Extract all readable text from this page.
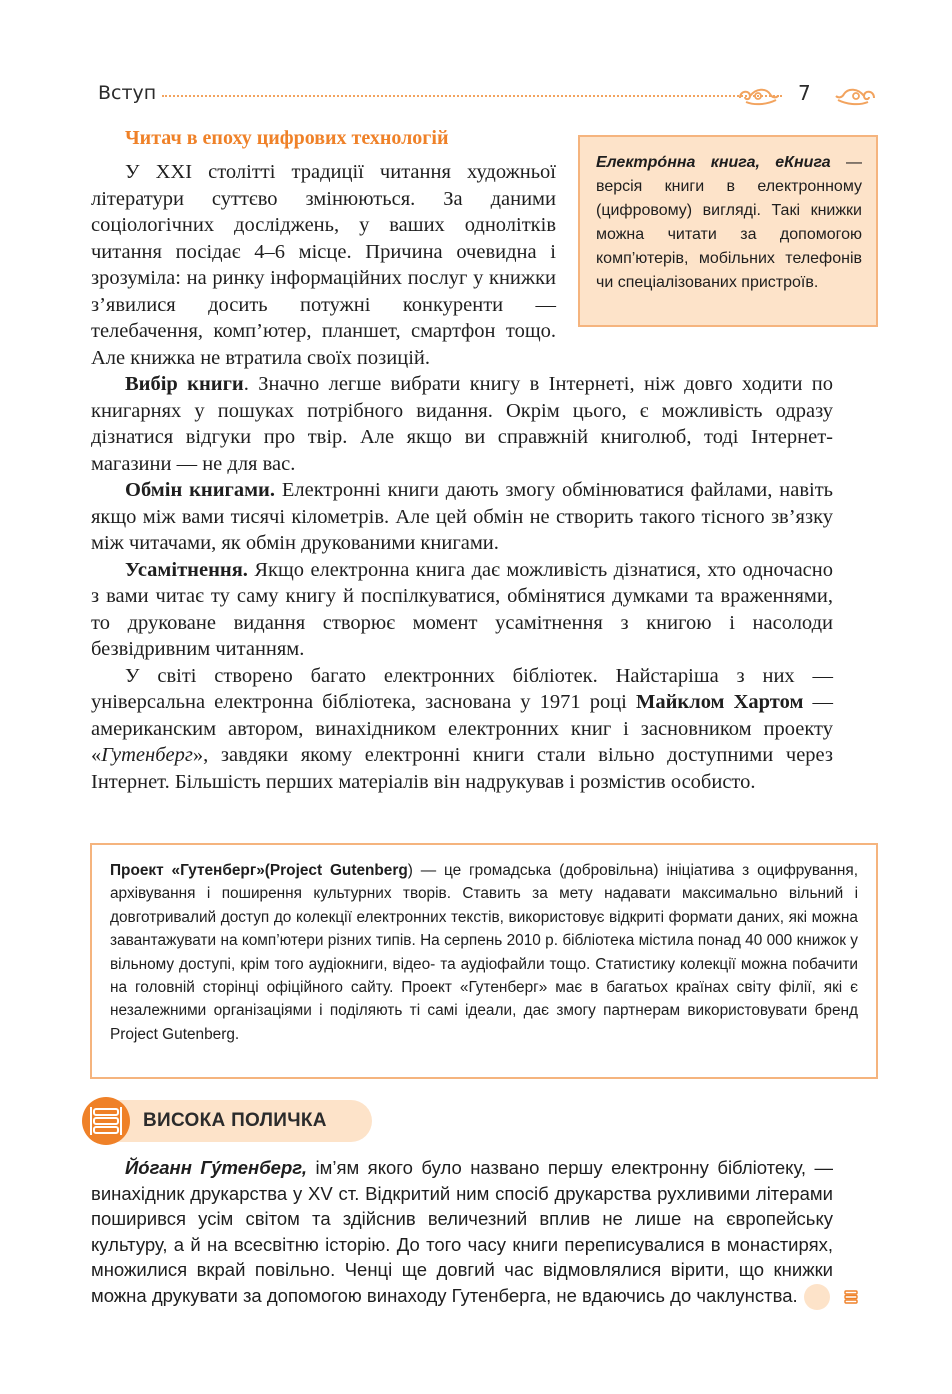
Вступ	7
Читач в епоху цифрових технологій

У XXI столітті традиції читання художньої літератури суттєво змінюються. За даними соціологічних досліджень, у ваших однолітків читання посідає 4–6 місце. Причина очевидна і зрозуміла: на ринку інформаційних послуг у книжки з’явилися досить потужні конкуренти — телебачення, комп’ютер, планшет, смартфон тощо. Але книжка не втратила своїх позицій.

Електро́нна книга, еКнига — версія книги в електронному (цифровому) вигляді. Такі книжки можна читати за допомогою комп’ютерів, мобільних телефонів чи спеціалізованих пристроїв.

Вибір книги. Значно легше вибрати книгу в Інтернеті, ніж довго ходити по книгарнях у пошуках потрібного видання. Окрім цього, є можливість одразу дізнатися відгуки про твір. Але якщо ви справжній книголюб, тоді Інтернет-магазини — не для вас.

Обмін книгами. Електронні книги дають змогу обмінюватися файлами, навіть якщо між вами тисячі кілометрів. Але цей обмін не створить такого тісного зв’язку між читачами, як обмін друкованими книгами.

Усамітнення. Якщо електронна книга дає можливість дізнатися, хто одночасно з вами читає ту саму книгу й поспілкуватися, обмінятися думками та враженнями, то друковане видання створює момент усамітнення з книгою і насолоди безвідривним читанням.

У світі створено багато електронних бібліотек. Найстаріша з них — універсальна електронна бібліотека, заснована у 1971 році Майклом Хартом — американским автором, винахідником електронних книг і засновником проекту «Гутенберг», завдяки якому електронні книги стали вільно доступними через Інтернет. Більшість перших матеріалів він надрукував і розмістив особисто.

Проект «Гутенберг»(Project Gutenberg) — це громадська (добровільна) ініціатива з оцифрування, архівування і поширення культурних творів. Ставить за мету надавати максимально вільний і довготривалий доступ до колекції електронних текстів, використовує відкриті формати даних, які можна завантажувати на комп’ютери різних типів. На серпень 2010 р. бібліотека містила понад 40 000 книжок у вільному доступі, крім того аудіокниги, відео- та аудіофайли тощо. Статистику колекції можна побачити на головній сторінці офіційного сайту. Проект «Гутенберг» має в багатьох країнах світу філії, які є незалежними організаціями і поділяють ті самі ідеали, дає змогу партнерам використовувати бренд Project Gutenberg.
ВИСОКА ПОЛИЧКА

Йо́ганн Гу́тенберг, ім’ям якого було названо першу електронну бібліотеку, — винахідник друкарства у XV ст. Відкритий ним спосіб друкарства рухливими літерами поширився усім світом та здійснив величезний вплив не лише на європейську культуру, а й на всесвітню історію. До того часу книги переписувалися в монастирях, множилися вкрай повільно. Ченці ще довгий час відмовлялися вірити, що книжки можна друкувати за допомогою винаходу Гутенберга, не вдаючись до чаклунства.
